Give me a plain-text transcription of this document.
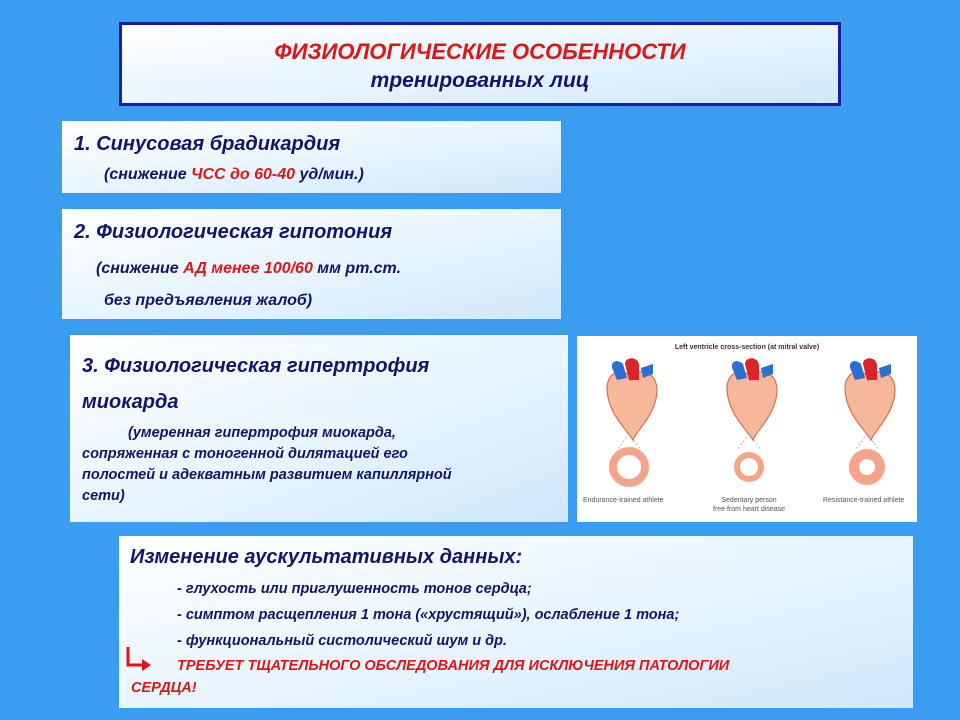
ФИЗИОЛОГИЧЕСКИЕ ОСОБЕННОСТИ
тренированных лиц
1. Синусовая брадикардия
(снижение ЧСС до 60-40 уд/мин.)
2. Физиологическая гипотония
(снижение АД менее 100/60 мм рт.ст.
без предъявления жалоб)
3. Физиологическая гипертрофия
миокарда
(умеренная гипертрофия миокарда,
сопряженная с тоногенной дилятацией его
полостей и адекватным развитием капиллярной
сети)
Left ventricle cross-section (at mitral valve)
Endurance-trained athlete	Sedentary person
free from heart disease
Resistance-trained athlete
Изменение аускультативных данных:
- глухость или приглушенность тонов сердца;
- симптом расщепления 1 тона («хрустящий»), ослабление 1 тона;
- функциональный систолический шум и др.
ТРЕБУЕТ ТЩАТЕЛЬНОГО ОБСЛЕДОВАНИЯ ДЛЯ ИСКЛЮЧЕНИЯ ПАТОЛОГИИ
СЕРДЦА!
